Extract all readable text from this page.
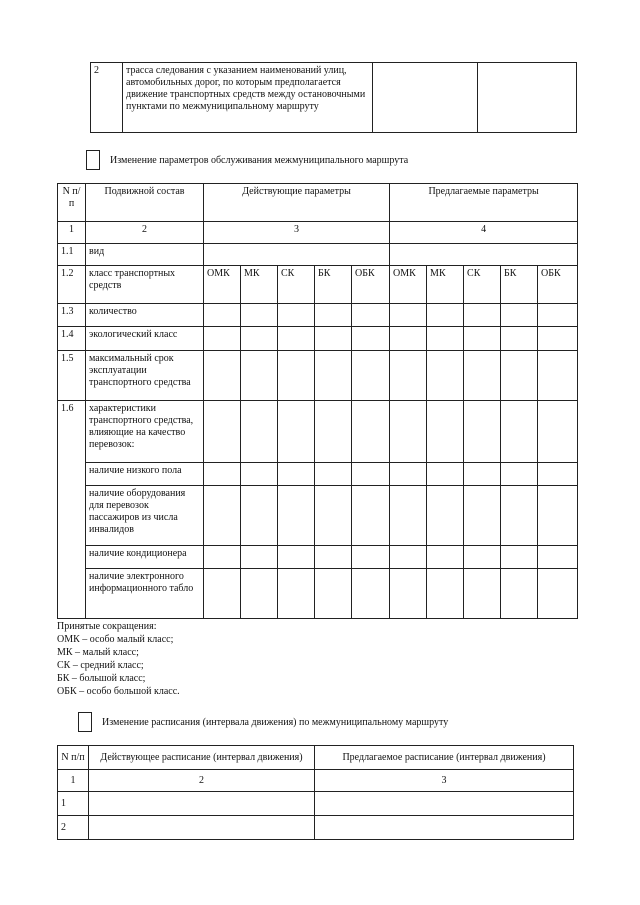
2	трасса следования с указанием наименований улиц, автомобильных дорог, по которым предполагается движение транспортных средств между остановочными пунктами по межмуниципальному маршруту		
Изменение параметров обслуживания межмуниципального маршрута
N п/п	Подвижной состав	Действующие параметры					Предлагаемые параметры				
1	2	3					4				
1.1	вид										
1.2	класс транспортных средств	ОМК	МК	СК	БК	ОБК	ОМК	МК	СК	БК	ОБК
1.3	количество										
1.4	экологический класс										
1.5	максимальный срок эксплуатации транспортного средства										
1.6	характеристики транспортного средства, влияющие на качество перевозок:										
	наличие низкого пола										
	наличие оборудования для перевозок пассажиров из числа инвалидов										
	наличие кондиционера										
	наличие электронного информационного табло										
Принятые сокращения:
ОМК – особо малый класс;
МК – малый класс;
СК – средний класс;
БК – большой класс;
ОБК – особо большой класс.
Изменение расписания (интервала движения) по межмуниципальному маршруту
N п/п	Действующее расписание (интервал движения)	Предлагаемое расписание (интервал движения)
1	2	3
1		
2		
